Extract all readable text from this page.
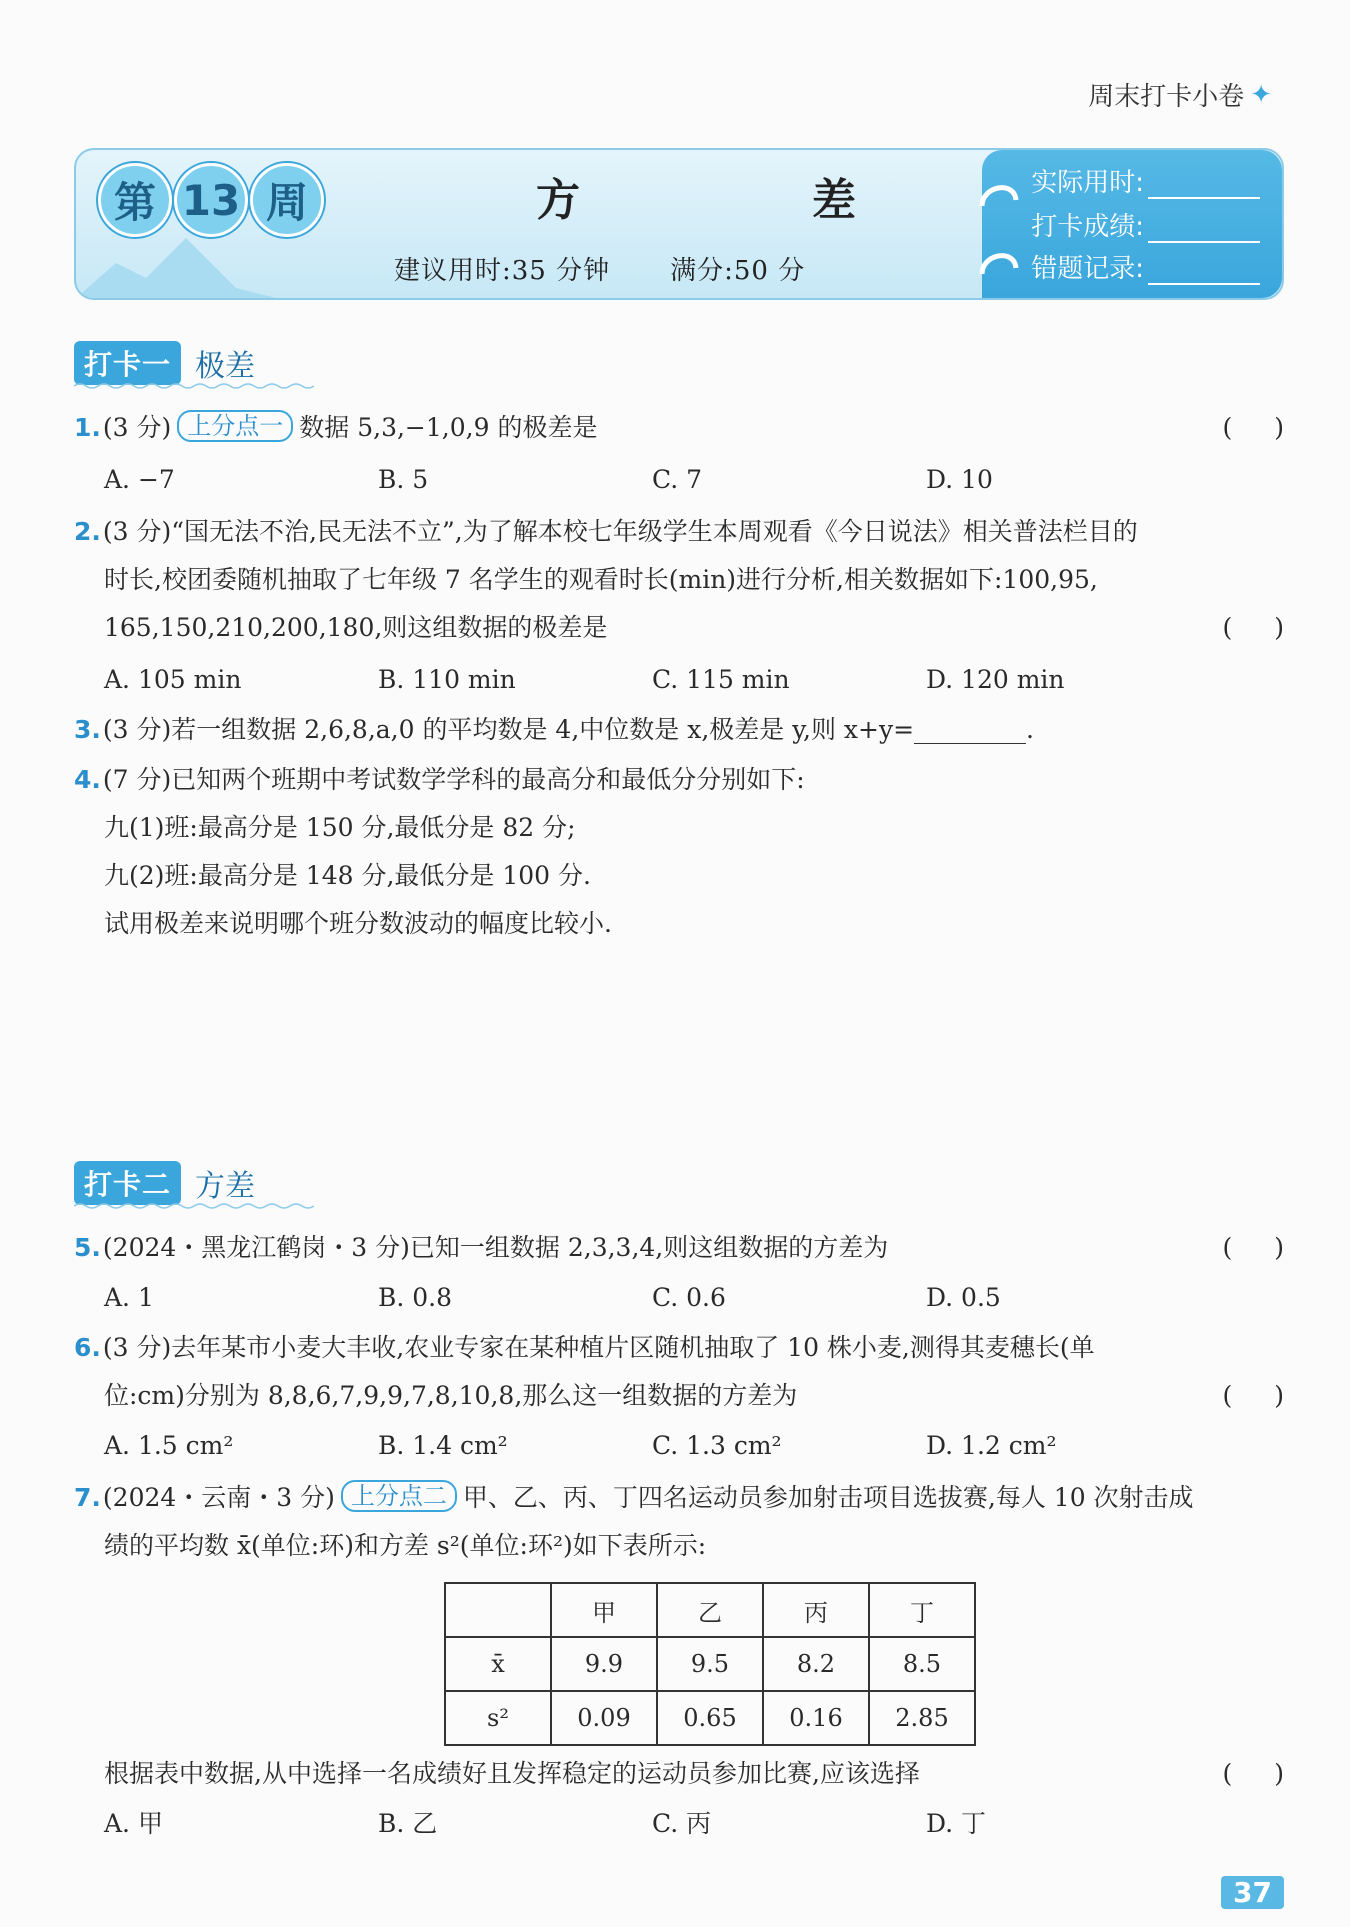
周末打卡小卷 ✦
第 13 周	方	差
建议用时:35 分钟 满分:50 分
实际用时:
打卡成绩:
错题记录:
打卡一 极差
1.(3 分) 上分点一 数据 5,3,−1,0,9 的极差是	()
A. −7	B. 5	C. 7	D. 10
2.(3 分)“国无法不治,民无法不立”,为了解本校七年级学生本周观看《今日说法》相关普法栏目的
时长,校团委随机抽取了七年级 7 名学生的观看时长(min)进行分析,相关数据如下:100,95,
165,150,210,200,180,则这组数据的极差是	()
A. 105 min	B. 110 min	C. 115 min	D. 120 min
3.(3 分)若一组数据 2,6,8,a,0 的平均数是 4,中位数是 x,极差是 y,则 x+y=	.
4.(7 分)已知两个班期中考试数学学科的最高分和最低分分别如下:
九(1)班:最高分是 150 分,最低分是 82 分;
九(2)班:最高分是 148 分,最低分是 100 分.
试用极差来说明哪个班分数波动的幅度比较小.
打卡二 方差
5.(2024・黑龙江鹤岗・3 分)已知一组数据 2,3,3,4,则这组数据的方差为	()
A. 1	B. 0.8	C. 0.6	D. 0.5
6.(3 分)去年某市小麦大丰收,农业专家在某种植片区随机抽取了 10 株小麦,测得其麦穗长(单
位:cm)分别为 8,8,6,7,9,9,7,8,10,8,那么这一组数据的方差为	()
A. 1.5 cm²	B. 1.4 cm²	C. 1.3 cm²	D. 1.2 cm²
7.(2024・云南・3 分) 上分点二 甲、乙、丙、丁四名运动员参加射击项目选拔赛,每人 10 次射击成
绩的平均数 x̄(单位:环)和方差 s²(单位:环²)如下表所示:
	甲	乙	丙	丁
x̄	9.9	9.5	8.2	8.5
s²	0.09	0.65	0.16	2.85
根据表中数据,从中选择一名成绩好且发挥稳定的运动员参加比赛,应该选择	()
A. 甲	B. 乙	C. 丙	D. 丁
37
